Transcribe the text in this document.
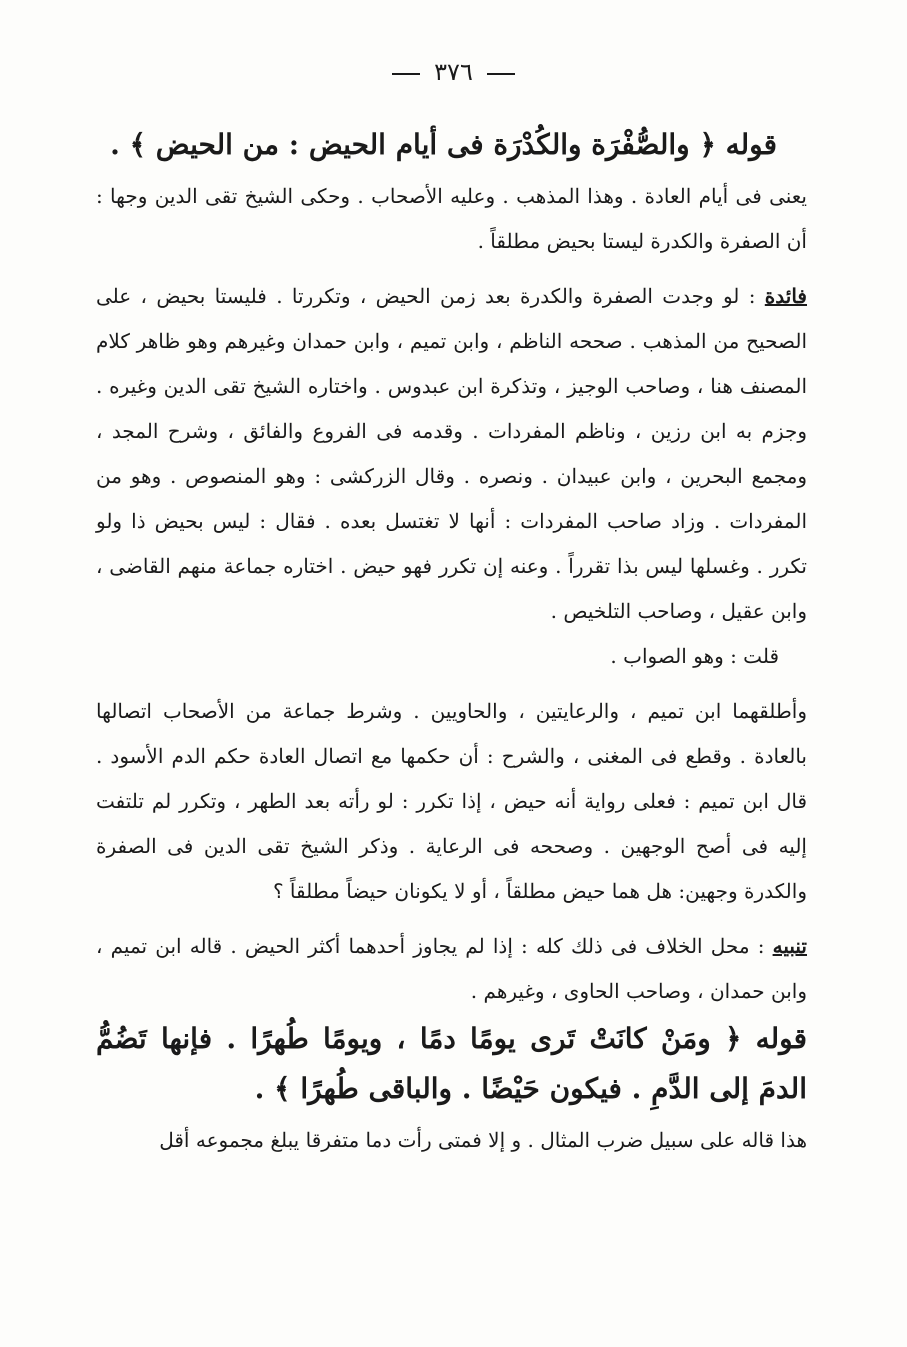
٣٧٦

قوله ﴿ والصُّفْرَة والكُدْرَة فى أيام الحيض : من الحيض ﴾ .

يعنى فى أيام العادة . وهذا المذهب . وعليه الأصحاب . وحكى الشيخ تقى الدين وجها : أن الصفرة والكدرة ليستا بحيض مطلقاً .

فائدة : لو وجدت الصفرة والكدرة بعد زمن الحيض ، وتكررتا . فليستا بحيض ، على الصحيح من المذهب . صححه الناظم ، وابن تميم ، وابن حمدان وغيرهم وهو ظاهر كلام المصنف هنا ، وصاحب الوجيز ، وتذكرة ابن عبدوس . واختاره الشيخ تقى الدين وغيره . وجزم به ابن رزين ، وناظم المفردات . وقدمه فى الفروع والفائق ، وشرح المجد ، ومجمع البحرين ، وابن عبيدان . ونصره . وقال الزركشى : وهو المنصوص . وهو من المفردات . وزاد صاحب المفردات : أنها لا تغتسل بعده . فقال : ليس بحيض ذا ولو تكرر . وغسلها ليس بذا تقرراً . وعنه إن تكرر فهو حيض . اختاره جماعة منهم القاضى ، وابن عقيل ، وصاحب التلخيص .

قلت : وهو الصواب .

وأطلقهما ابن تميم ، والرعايتين ، والحاويين . وشرط جماعة من الأصحاب اتصالها بالعادة . وقطع فى المغنى ، والشرح : أن حكمها مع اتصال العادة حكم الدم الأسود . قال ابن تميم : فعلى رواية أنه حيض ، إذا تكرر : لو رأته بعد الطهر ، وتكرر لم تلتفت إليه فى أصح الوجهين . وصححه فى الرعاية . وذكر الشيخ تقى الدين فى الصفرة والكدرة وجهين: هل هما حيض مطلقاً ، أو لا يكونان حيضاً مطلقاً ؟

تنبيه : محل الخلاف فى ذلك كله : إذا لم يجاوز أحدهما أكثر الحيض . قاله ابن تميم ، وابن حمدان ، وصاحب الحاوى ، وغيرهم .

قوله ﴿ ومَنْ كانَتْ تَرى يومًا دمًا ، ويومًا طُهرًا . فإنها تَضُمُّ الدمَ إلى الدَّمِ . فيكون حَيْضًا . والباقى طُهرًا ﴾ .

هذا قاله على سبيل ضرب المثال . و إلا فمتى رأت دما متفرقا يبلغ مجموعه أقل
